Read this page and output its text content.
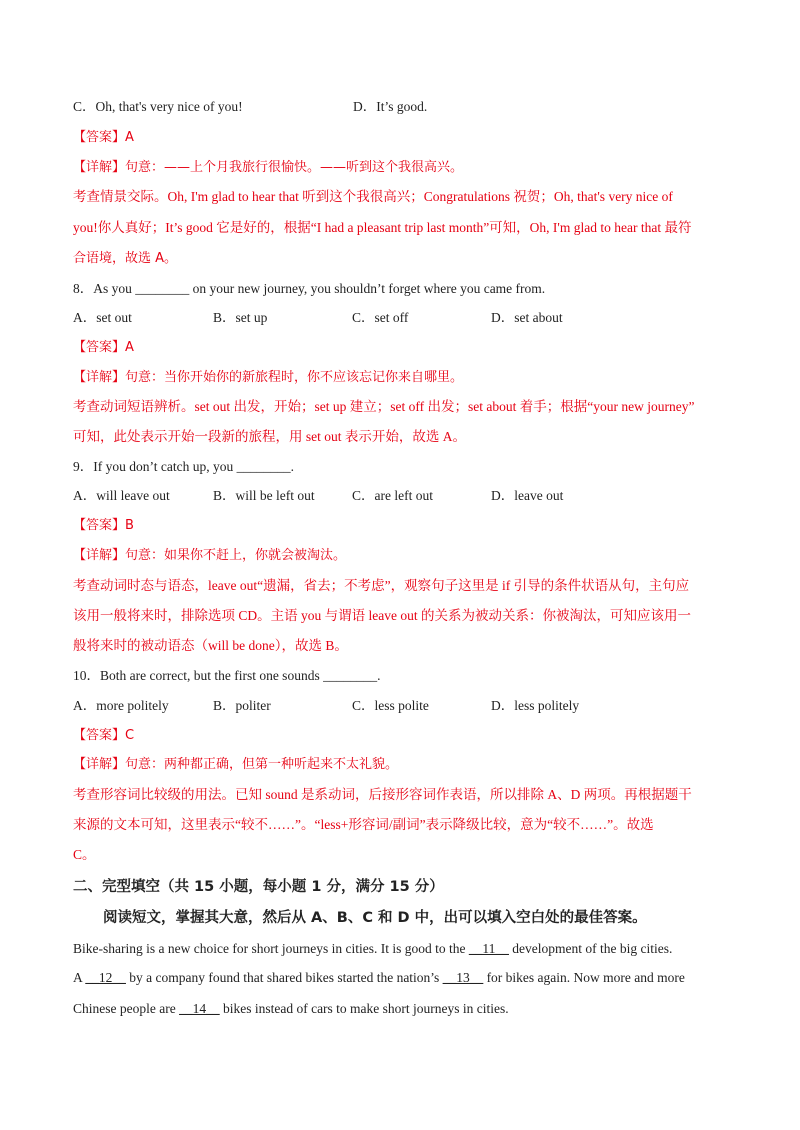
C．Oh, that's very nice of you!	D．It’s good.
【答案】A
【详解】句意：——上个月我旅行很愉快。——听到这个我很高兴。
考查情景交际。Oh, I'm glad to hear that 听到这个我很高兴；Congratulations 祝贺；Oh, that's very nice of
you!你人真好；It’s good 它是好的，根据“I had a pleasant trip last month”可知，Oh, I'm glad to hear that 最符
合语境，故选 A。
8．As you ________ on your new journey, you shouldn’t forget where you came from.
A．set out	B．set up	C．set off	D．set about
【答案】A
【详解】句意：当你开始你的新旅程时，你不应该忘记你来自哪里。
考查动词短语辨析。set out 出发，开始；set up 建立；set off 出发；set about 着手；根据“your new journey”
可知，此处表示开始一段新的旅程，用 set out 表示开始，故选 A。
9．If you don’t catch up, you ________.
A．will leave out	B．will be left out	C．are left out	D．leave out
【答案】B
【详解】句意：如果你不赶上，你就会被淘汰。
考查动词时态与语态，leave out“遗漏，省去；不考虑”，观察句子这里是 if 引导的条件状语从句，主句应
该用一般将来时，排除选项 CD。主语 you 与谓语 leave out 的关系为被动关系：你被淘汰，可知应该用一
般将来时的被动语态（will be done），故选 B。
10．Both are correct, but the first one sounds ________.
A．more politely	B．politer	C．less polite	D．less politely
【答案】C
【详解】句意：两种都正确，但第一种听起来不太礼貌。
考查形容词比较级的用法。已知 sound 是系动词，后接形容词作表语，所以排除 A、D 两项。再根据题干
来源的文本可知，这里表示“较不……”。“less+形容词/副词”表示降级比较，意为“较不……”。故选
C。
二、完型填空（共 15 小题，每小题 1 分，满分 15 分）
阅读短文，掌握其大意，然后从 A、B、C 和 D 中，出可以填入空白处的最佳答案。
Bike-sharing is a new choice for short journeys in cities. It is good to the __11__ development of the big cities.
A __12__ by a company found that shared bikes started the nation’s __13__ for bikes again. Now more and more
Chinese people are __14__ bikes instead of cars to make short journeys in cities.
